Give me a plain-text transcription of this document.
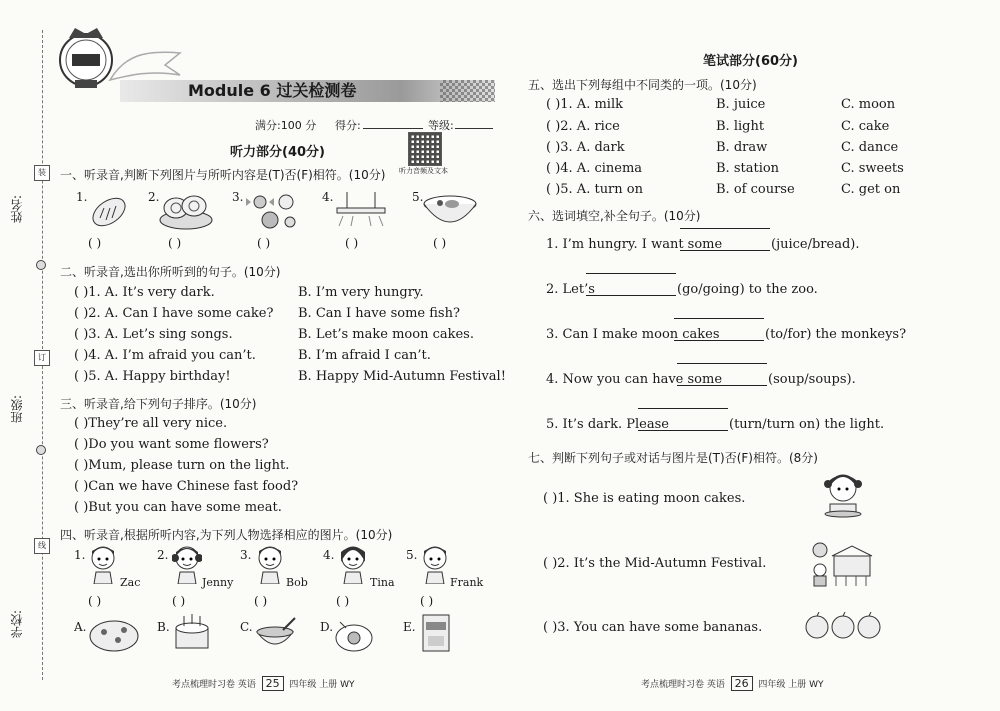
姓名:
班级:
学校:
装
订
线
Module 6 过关检测卷
满分:100 分 得分:	等级:
听力部分(40分)
听力音频及文本
一、听录音,判断下列图片与所听内容是(T)否(F)相符。(10分)
1.	2.	3.	4.	5.
( )	( )	( )	( )	( )
二、听录音,选出你所听到的句子。(10分)
( )1. A. It’s very dark.	B. I’m very hungry.
( )2. A. Can I have some cake? B. Can I have some fish?
( )3. A. Let’s sing songs.	B. Let’s make moon cakes.
( )4. A. I’m afraid you can’t.	B. I’m afraid I can’t.
( )5. A. Happy birthday!	B. Happy Mid-Autumn Festival!
三、听录音,给下列句子排序。(10分)
( )They’re all very nice.
( )Do you want some flowers?
( )Mum, please turn on the light.
( )Can we have Chinese fast food?
( )But you can have some meat.
四、听录音,根据所听内容,为下列人物选择相应的图片。(10分)
1.	2.	3.	4.	5.
Zac	Jenny	Bob	Tina	Frank
( )	( )	( )	( )	( )
A.	B.	C.	D.	E.
考点梳理时习卷 英语 25 四年级 上册 WY
笔试部分(60分)
五、选出下列每组中不同类的一项。(10分)
( )1. A. milk	B. juice	C. moon
( )2. A. rice	B. light	C. cake
( )3. A. dark	B. draw	C. dance
( )4. A. cinema	B. station	C. sweets
( )5. A. turn on	B. of course	C. get on
六、选词填空,补全句子。(10分)
1. I’m hungry. I want some	(juice/bread).
2. Let’s	(go/going) to the zoo.
3. Can I make moon cakes	(to/for) the monkeys?
4. Now you can have some	(soup/soups).
5. It’s dark. Please	(turn/turn on) the light.
七、判断下列句子或对话与图片是(T)否(F)相符。(8分)
( )1. She is eating moon cakes.
( )2. It’s the Mid-Autumn Festival.
( )3. You can have some bananas.
考点梳理时习卷 英语 26 四年级 上册 WY
